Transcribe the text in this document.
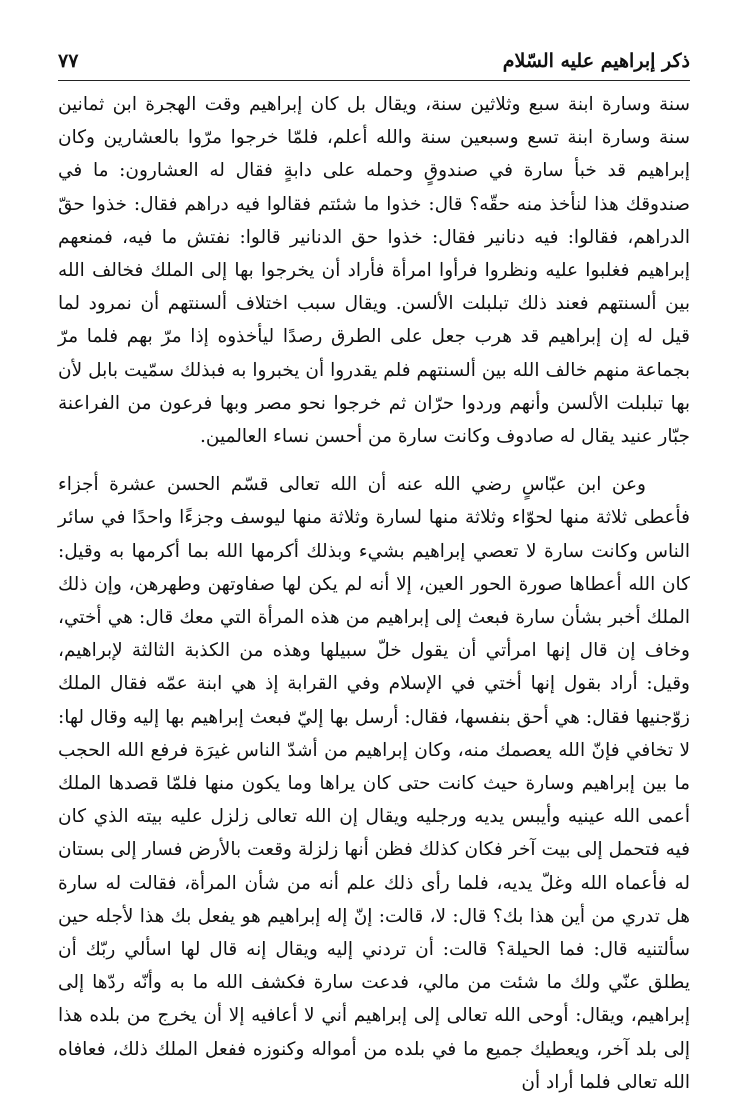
ذكر إبراهيم عليه السّلام
٧٧

سنة وسارة ابنة سبع وثلاثين سنة، ويقال بل كان إبراهيم وقت الهجرة ابن ثمانين سنة وسارة ابنة تسع وسبعين سنة والله أعلم، فلمّا خرجوا مرّوا بالعشارين وكان إبراهيم قد خبأ سارة في صندوقٍ وحمله على دابةٍ فقال له العشارون: ما في صندوقك هذا لنأخذ منه حقّه؟ قال: خذوا ما شئتم فقالوا فيه دراهم فقال: خذوا حقّ الدراهم، فقالوا: فيه دنانير فقال: خذوا حق الدنانير قالوا: نفتش ما فيه، فمنعهم إبراهيم فغلبوا عليه ونظروا فرأوا امرأة فأراد أن يخرجوا بها إلى الملك فخالف الله بين ألسنتهم فعند ذلك تبلبلت الألسن. ويقال سبب اختلاف ألسنتهم أن نمرود لما قيل له إن إبراهيم قد هرب جعل على الطرق رصدًا ليأخذوه إذا مرّ بهم فلما مرّ بجماعة منهم خالف الله بين ألسنتهم فلم يقدروا أن يخبروا به فبذلك سمّيت بابل لأن بها تبلبلت الألسن وأنهم وردوا حرّان ثم خرجوا نحو مصر وبها فرعون من الفراعنة جبّار عنيد يقال له صادوف وكانت سارة من أحسن نساء العالمين.

وعن ابن عبّاسٍ رضي الله عنه أن الله تعالى قسّم الحسن عشرة أجزاء فأعطى ثلاثة منها لحوّاء وثلاثة منها لسارة وثلاثة منها ليوسف وجزءًا واحدًا في سائر الناس وكانت سارة لا تعصي إبراهيم بشيء وبذلك أكرمها الله بما أكرمها به وقيل: كان الله أعطاها صورة الحور العين، إلا أنه لم يكن لها صفاوتهن وطهرهن، وإن ذلك الملك أخبر بشأن سارة فبعث إلى إبراهيم من هذه المرأة التي معك قال: هي أختي، وخاف إن قال إنها امرأتي أن يقول خلّ سبيلها وهذه من الكذبة الثالثة لإبراهيم، وقيل: أراد بقول إنها أختي في الإسلام وفي القرابة إذ هي ابنة عمّه فقال الملك زوّجنيها فقال: هي أحق بنفسها، فقال: أرسل بها إليّ فبعث إبراهيم بها إليه وقال لها: لا تخافي فإنّ الله يعصمك منه، وكان إبراهيم من أشدّ الناس غيرَة فرفع الله الحجب ما بين إبراهيم وسارة حيث كانت حتى كان يراها وما يكون منها فلمّا قصدها الملك أعمى الله عينيه وأيبس يديه ورجليه ويقال إن الله تعالى زلزل عليه بيته الذي كان فيه فتحمل إلى بيت آخر فكان كذلك فظن أنها زلزلة وقعت بالأرض فسار إلى بستان له فأعماه الله وغلّ يديه، فلما رأى ذلك علم أنه من شأن المرأة، فقالت له سارة هل تدري من أين هذا بك؟ قال: لا، قالت: إنّ إله إبراهيم هو يفعل بك هذا لأجله حين سألتنيه قال: فما الحيلة؟ قالت: أن تردني إليه ويقال إنه قال لها اسألي ربّك أن يطلق عنّي ولك ما شئت من مالي، فدعت سارة فكشف الله ما به وأنّه ردّها إلى إبراهيم، ويقال: أوحى الله تعالى إلى إبراهيم أني لا أعافيه إلا أن يخرج من بلده هذا إلى بلد آخر، ويعطيك جميع ما في بلده من أمواله وكنوزه ففعل الملك ذلك، فعافاه الله تعالى فلما أراد أن
